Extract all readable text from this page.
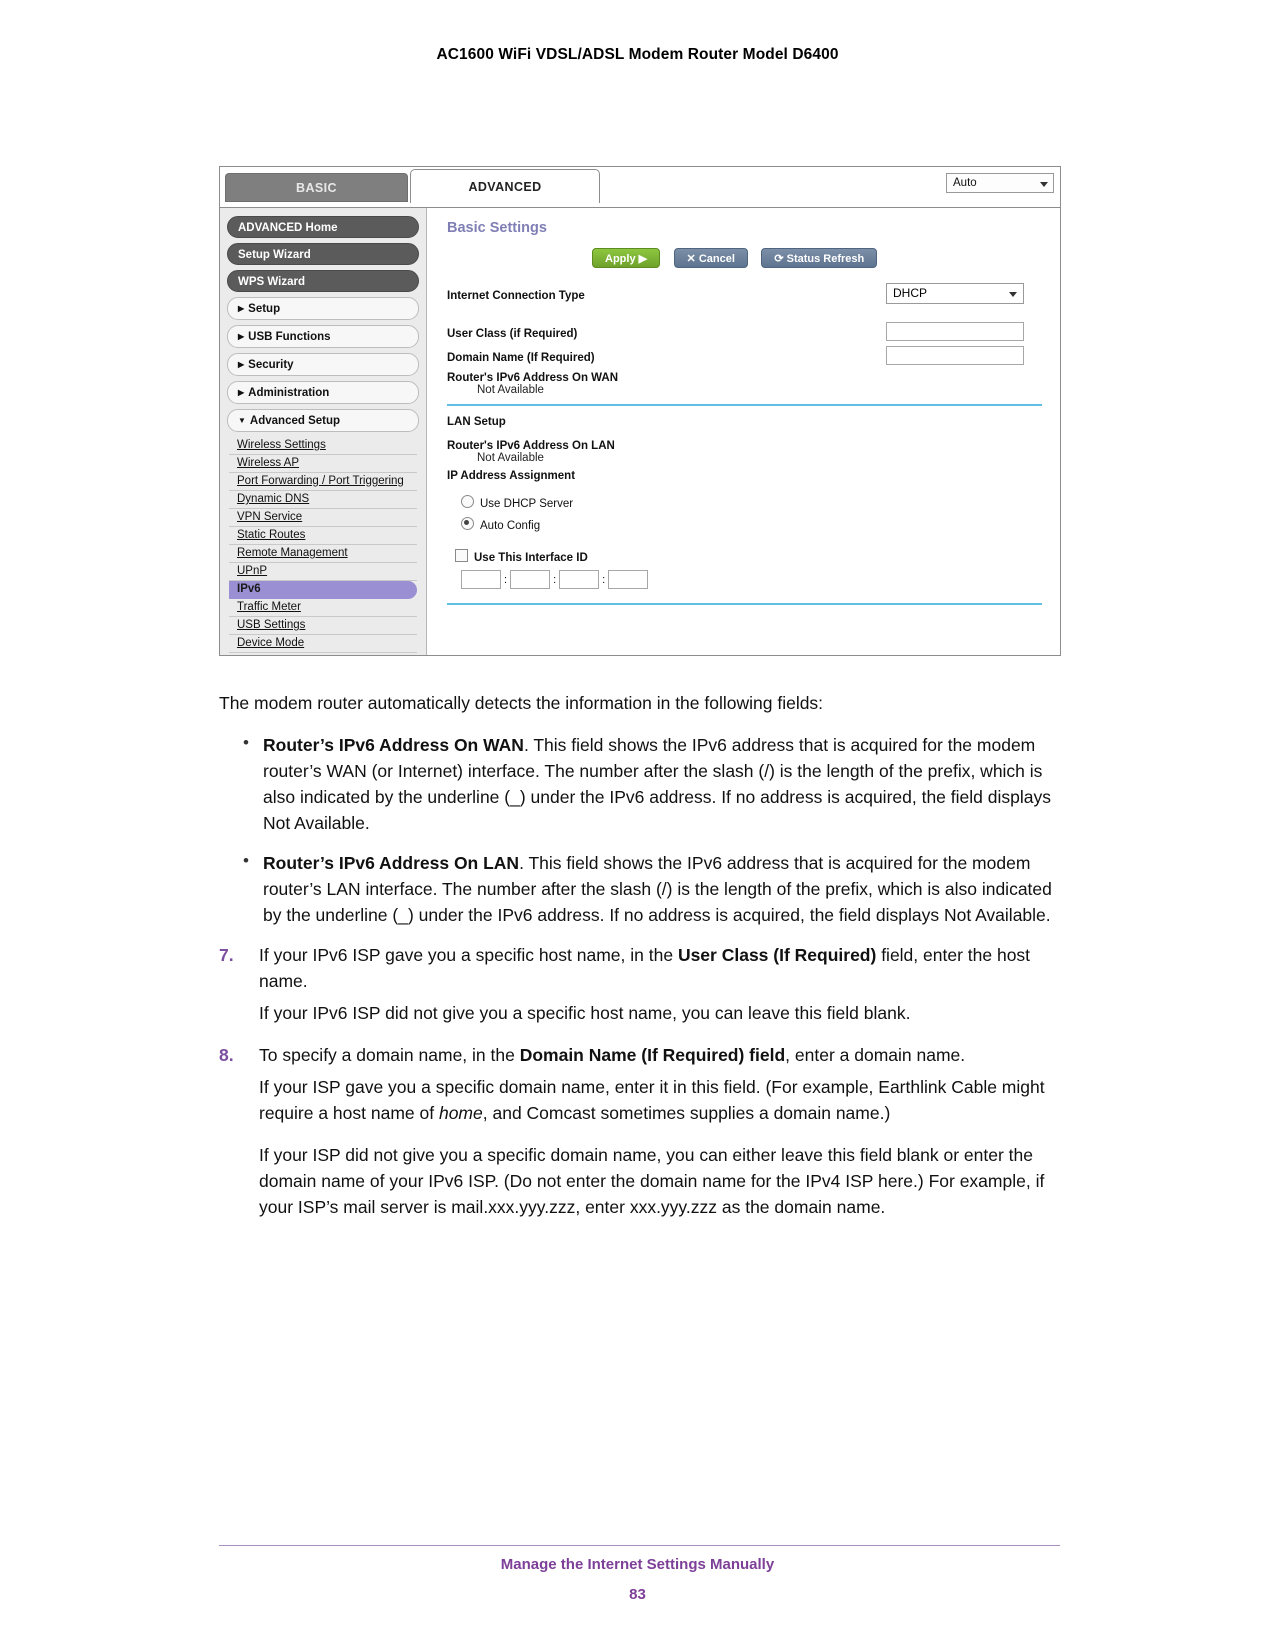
AC1600 WiFi VDSL/ADSL Modem Router Model D6400
BASIC	ADVANCED	Auto
ADVANCED Home
Setup Wizard
WPS Wizard
▶ Setup
▶ USB Functions
▶ Security
▶ Administration
▼ Advanced Setup
Wireless Settings
Wireless AP
Port Forwarding / Port Triggering
Dynamic DNS
VPN Service
Static Routes
Remote Management
UPnP
IPv6
Traffic Meter
USB Settings
Device Mode
Basic Settings
Apply ▶	✕ Cancel	⟳ Status Refresh
Internet Connection Type	DHCP
User Class (if Required)
Domain Name (If Required)
Router's IPv6 Address On WAN
Not Available
LAN Setup
Router's IPv6 Address On LAN
Not Available
IP Address Assignment
Use DHCP Server
Auto Config
Use This Interface ID
:	:	:
The modem router automatically detects the information in the following fields:
• Router’s IPv6 Address On WAN. This field shows the IPv6 address that is acquired for the modem router’s WAN (or Internet) interface. The number after the slash (/) is the length of the prefix, which is also indicated by the underline (_) under the IPv6 address. If no address is acquired, the field displays Not Available.
• Router’s IPv6 Address On LAN. This field shows the IPv6 address that is acquired for the modem router’s LAN interface. The number after the slash (/) is the length of the prefix, which is also indicated by the underline (_) under the IPv6 address. If no address is acquired, the field displays Not Available.
7. If your IPv6 ISP gave you a specific host name, in the User Class (If Required) field, enter the host name.
If your IPv6 ISP did not give you a specific host name, you can leave this field blank.
8. To specify a domain name, in the Domain Name (If Required) field, enter a domain name.
If your ISP gave you a specific domain name, enter it in this field. (For example, Earthlink Cable might require a host name of home, and Comcast sometimes supplies a domain name.)
If your ISP did not give you a specific domain name, you can either leave this field blank or enter the domain name of your IPv6 ISP. (Do not enter the domain name for the IPv4 ISP here.) For example, if your ISP’s mail server is mail.xxx.yyy.zzz, enter xxx.yyy.zzz as the domain name.
Manage the Internet Settings Manually
83
